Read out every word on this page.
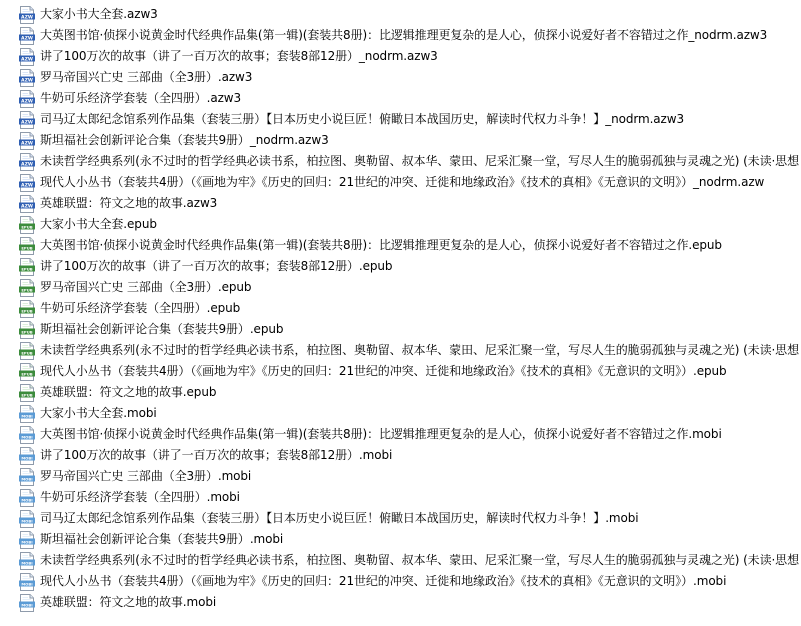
AZW 大家小书大全套.azw3
AZW 大英图书馆·侦探小说黄金时代经典作品集(第一辑)(套装共8册)：比逻辑推理更复杂的是人心，侦探小说爱好者不容错过之作_nodrm.azw3
AZW 讲了100万次的故事（讲了一百万次的故事；套装8部12册）_nodrm.azw3
AZW 罗马帝国兴亡史 三部曲（全3册）.azw3
AZW 牛奶可乐经济学套装（全四册）.azw3
AZW 司马辽太郎纪念馆系列作品集（套装三册）【日本历史小说巨匠！俯瞰日本战国历史，解读时代权力斗争！】_nodrm.azw3
AZW 斯坦福社会创新评论合集（套装共9册）_nodrm.azw3
AZW 未读哲学经典系列(永不过时的哲学经典必读书系，柏拉图、奥勒留、叔本华、蒙田、尼采汇聚一堂，写尽人生的脆弱孤独与灵魂之光) (未读·思想
AZW 现代人小丛书（套装共4册）（《画地为牢》《历史的回归：21世纪的冲突、迁徙和地缘政治》《技术的真相》《无意识的文明》）_nodrm.azw
AZW 英雄联盟：符文之地的故事.azw3
EPUB 大家小书大全套.epub
EPUB 大英图书馆·侦探小说黄金时代经典作品集(第一辑)(套装共8册)：比逻辑推理更复杂的是人心，侦探小说爱好者不容错过之作.epub
EPUB 讲了100万次的故事（讲了一百万次的故事；套装8部12册）.epub
EPUB 罗马帝国兴亡史 三部曲（全3册）.epub
EPUB 牛奶可乐经济学套装（全四册）.epub
EPUB 斯坦福社会创新评论合集（套装共9册）.epub
EPUB 未读哲学经典系列(永不过时的哲学经典必读书系，柏拉图、奥勒留、叔本华、蒙田、尼采汇聚一堂，写尽人生的脆弱孤独与灵魂之光) (未读·思想
EPUB 现代人小丛书（套装共4册）（《画地为牢》《历史的回归：21世纪的冲突、迁徙和地缘政治》《技术的真相》《无意识的文明》）.epub
EPUB 英雄联盟：符文之地的故事.epub
MOBI 大家小书大全套.mobi
MOBI 大英图书馆·侦探小说黄金时代经典作品集(第一辑)(套装共8册)：比逻辑推理更复杂的是人心，侦探小说爱好者不容错过之作.mobi
MOBI 讲了100万次的故事（讲了一百万次的故事；套装8部12册）.mobi
MOBI 罗马帝国兴亡史 三部曲（全3册）.mobi
MOBI 牛奶可乐经济学套装（全四册）.mobi
MOBI 司马辽太郎纪念馆系列作品集（套装三册）【日本历史小说巨匠！俯瞰日本战国历史，解读时代权力斗争！】.mobi
MOBI 斯坦福社会创新评论合集（套装共9册）.mobi
MOBI 未读哲学经典系列(永不过时的哲学经典必读书系，柏拉图、奥勒留、叔本华、蒙田、尼采汇聚一堂，写尽人生的脆弱孤独与灵魂之光) (未读·思想
MOBI 现代人小丛书（套装共4册）（《画地为牢》《历史的回归：21世纪的冲突、迁徙和地缘政治》《技术的真相》《无意识的文明》）.mobi
MOBI 英雄联盟：符文之地的故事.mobi
